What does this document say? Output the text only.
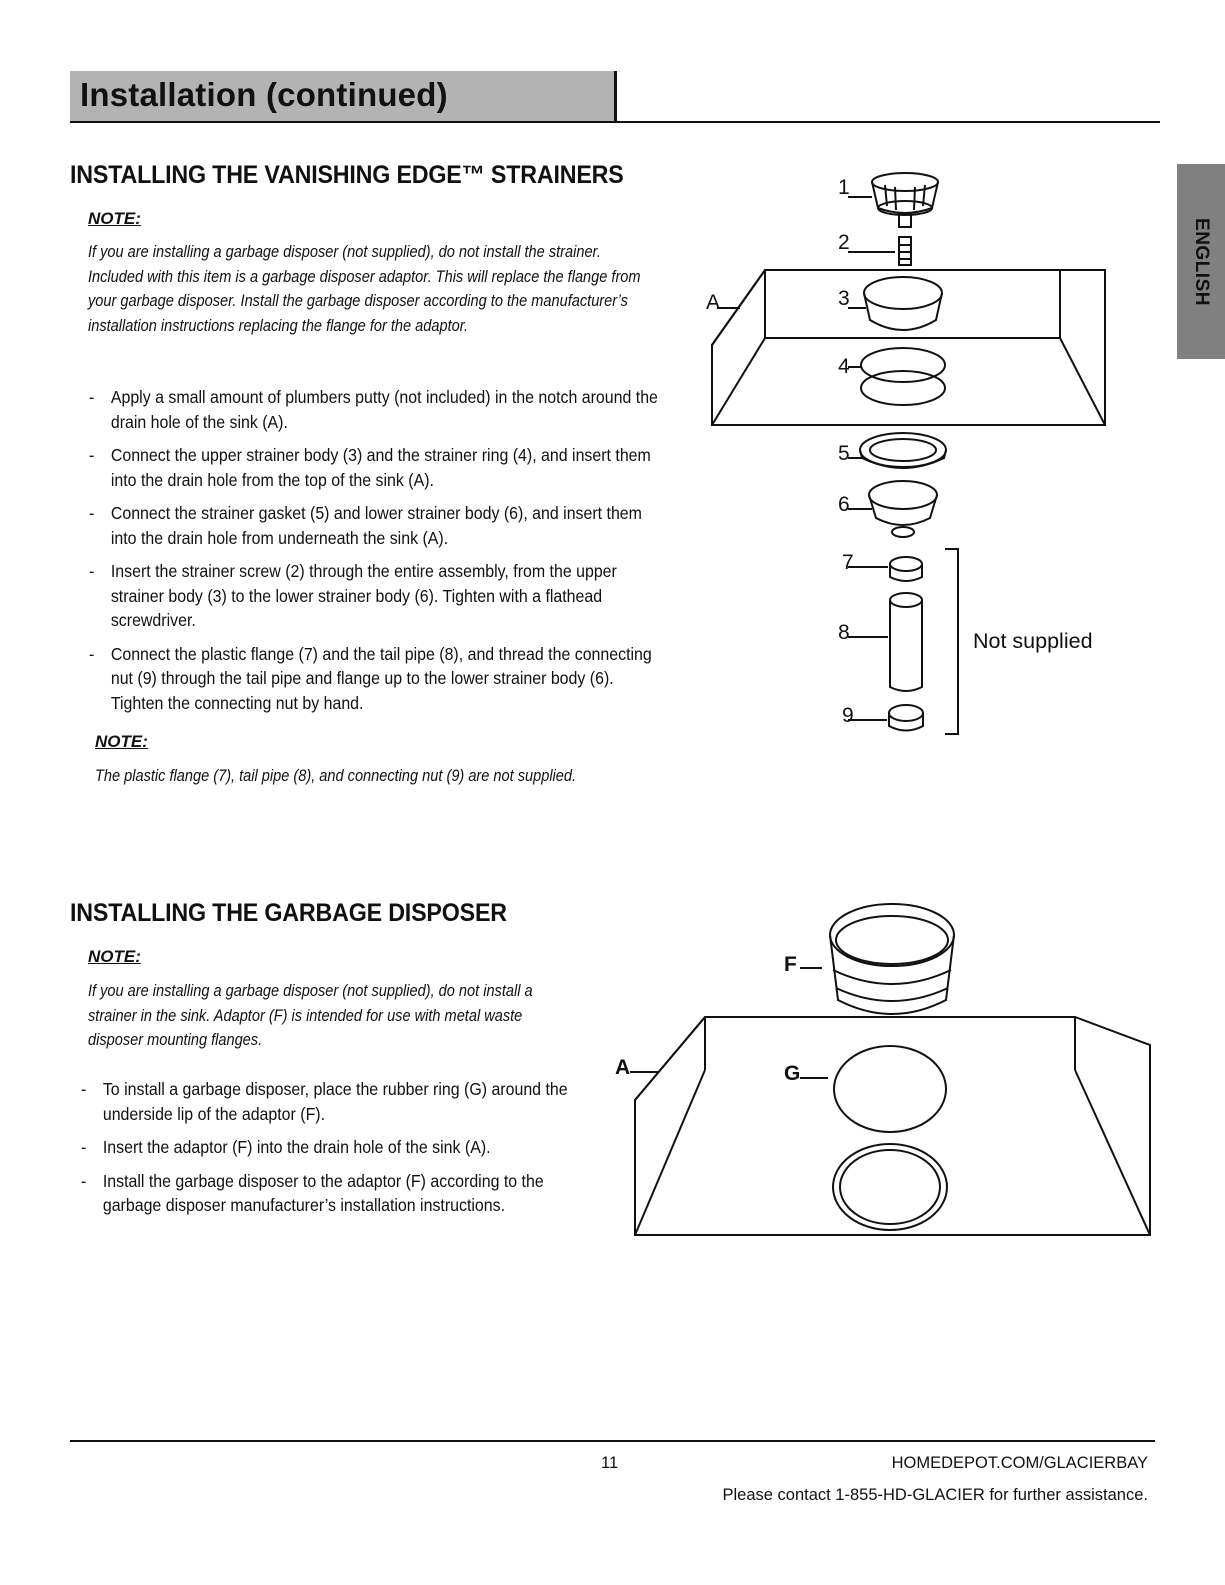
Installation (continued)
ENGLISH
INSTALLING THE VANISHING EDGE™ STRAINERS
NOTE:
If you are installing a garbage disposer (not supplied), do not install the strainer. Included with this item is a garbage disposer adaptor. This will replace the flange from your garbage disposer. Install the garbage disposer according to the manufacturer’s installation instructions replacing the flange for the adaptor.
- Apply a small amount of plumbers putty (not included) in the notch around the drain hole of the sink (A).
- Connect the upper strainer body (3) and the strainer ring (4), and insert them into the drain hole from the top of the sink (A).
- Connect the strainer gasket (5) and lower strainer body (6), and insert them into the drain hole from underneath the sink (A).
- Insert the strainer screw (2) through the entire assembly, from the upper strainer body (3) to the lower strainer body (6). Tighten with a flathead screwdriver.
- Connect the plastic flange (7) and the tail pipe (8), and thread the connecting nut (9) through the tail pipe and flange up to the lower strainer body (6). Tighten the connecting nut by hand.
NOTE:
The plastic flange (7), tail pipe (8), and connecting nut (9) are not supplied.
1
2
3
4
5
6
7
8
9
A
Not supplied
INSTALLING THE GARBAGE DISPOSER
NOTE:
If you are installing a garbage disposer (not supplied), do not install a strainer in the sink. Adaptor (F) is intended for use with metal waste disposer mounting flanges.
- To install a garbage disposer, place the rubber ring (G) around the underside lip of the adaptor (F).
- Insert the adaptor (F) into the drain hole of the sink (A).
- Install the garbage disposer to the adaptor (F) according to the garbage disposer manufacturer’s installation instructions.
F
G
A
11	HOMEDEPOT.COM/GLACIERBAY
Please contact 1-855-HD-GLACIER for further assistance.
